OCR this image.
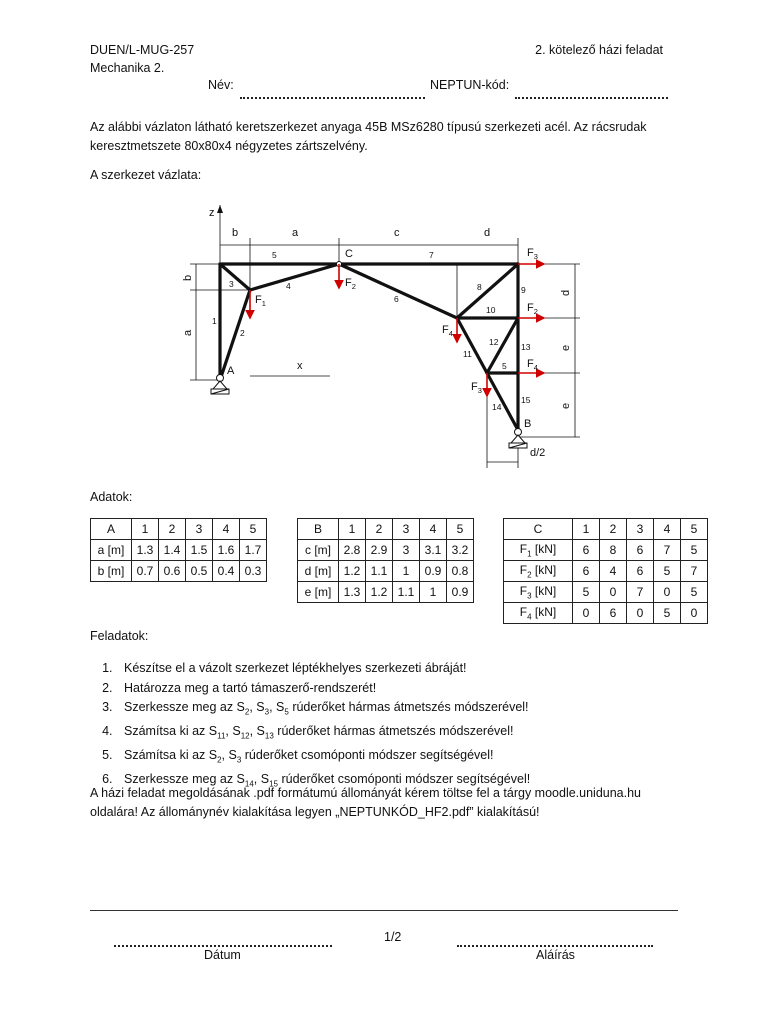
DUEN/L-MUG-257
Mechanika 2.
2. kötelező házi feladat
Név:	NEPTUN-kód:

Az alábbi vázlaton látható keretszerkezet anyaga 45B MSz6280 típusú szerkezeti acél. Az rácsrudak
keresztmetszete 80x80x4 négyzetes zártszelvény.

A szerkezet vázlata:
z
x
A
B
C
b	a	c	d
d/2
b
a
d
e
e
1
2
3	4
5
5
6
7
8	9
10
11
12	13
14
15
$F_1$
$F_2$
$F_3$
$F_2$
$F_4$
$F_4$
$F_3$
Adatok:
A	1	2	3	4	5
a [m]	1.3	1.4	1.5	1.6	1.7
b [m]	0.7	0.6	0.5	0.4	0.3
B	1	2	3	4	5
c [m]	2.8	2.9	3	3.1	3.2
d [m]	1.2	1.1	1	0.9	0.8
e [m]	1.3	1.2	1.1	1	0.9
C	1	2	3	4	5
$F_1$ [kN]	6	8	6	7	5
$F_2$ [kN]	6	4	6	5	7
$F_3$ [kN]	5	0	7	0	5
$F_4$ [kN]	0	6	0	5	0
Feladatok:
1. Készítse el a vázolt szerkezet léptékhelyes szerkezeti ábráját!
2. Határozza meg a tartó támaszerő-rendszerét!
3. Szerkessze meg az $S_2$, $S_3$, $S_5$ rúderőket hármas átmetszés módszerével!
4. Számítsa ki az $S_{11}$, $S_{12}$, $S_{13}$ rúderőket hármas átmetszés módszerével!
5. Számítsa ki az $S_2$, $S_3$ rúderőket csomóponti módszer segítségével!
6. Szerkessze meg az $S_{14}$, $S_{15}$ rúderőket csomóponti módszer segítségével!

A házi feladat megoldásának .pdf formátumú állományát kérem töltse fel a tárgy moodle.uniduna.hu
oldalára! Az állománynév kialakítása legyen „NEPTUNKÓD_HF2.pdf” kialakítású!

1/2
Dátum	Aláírás
